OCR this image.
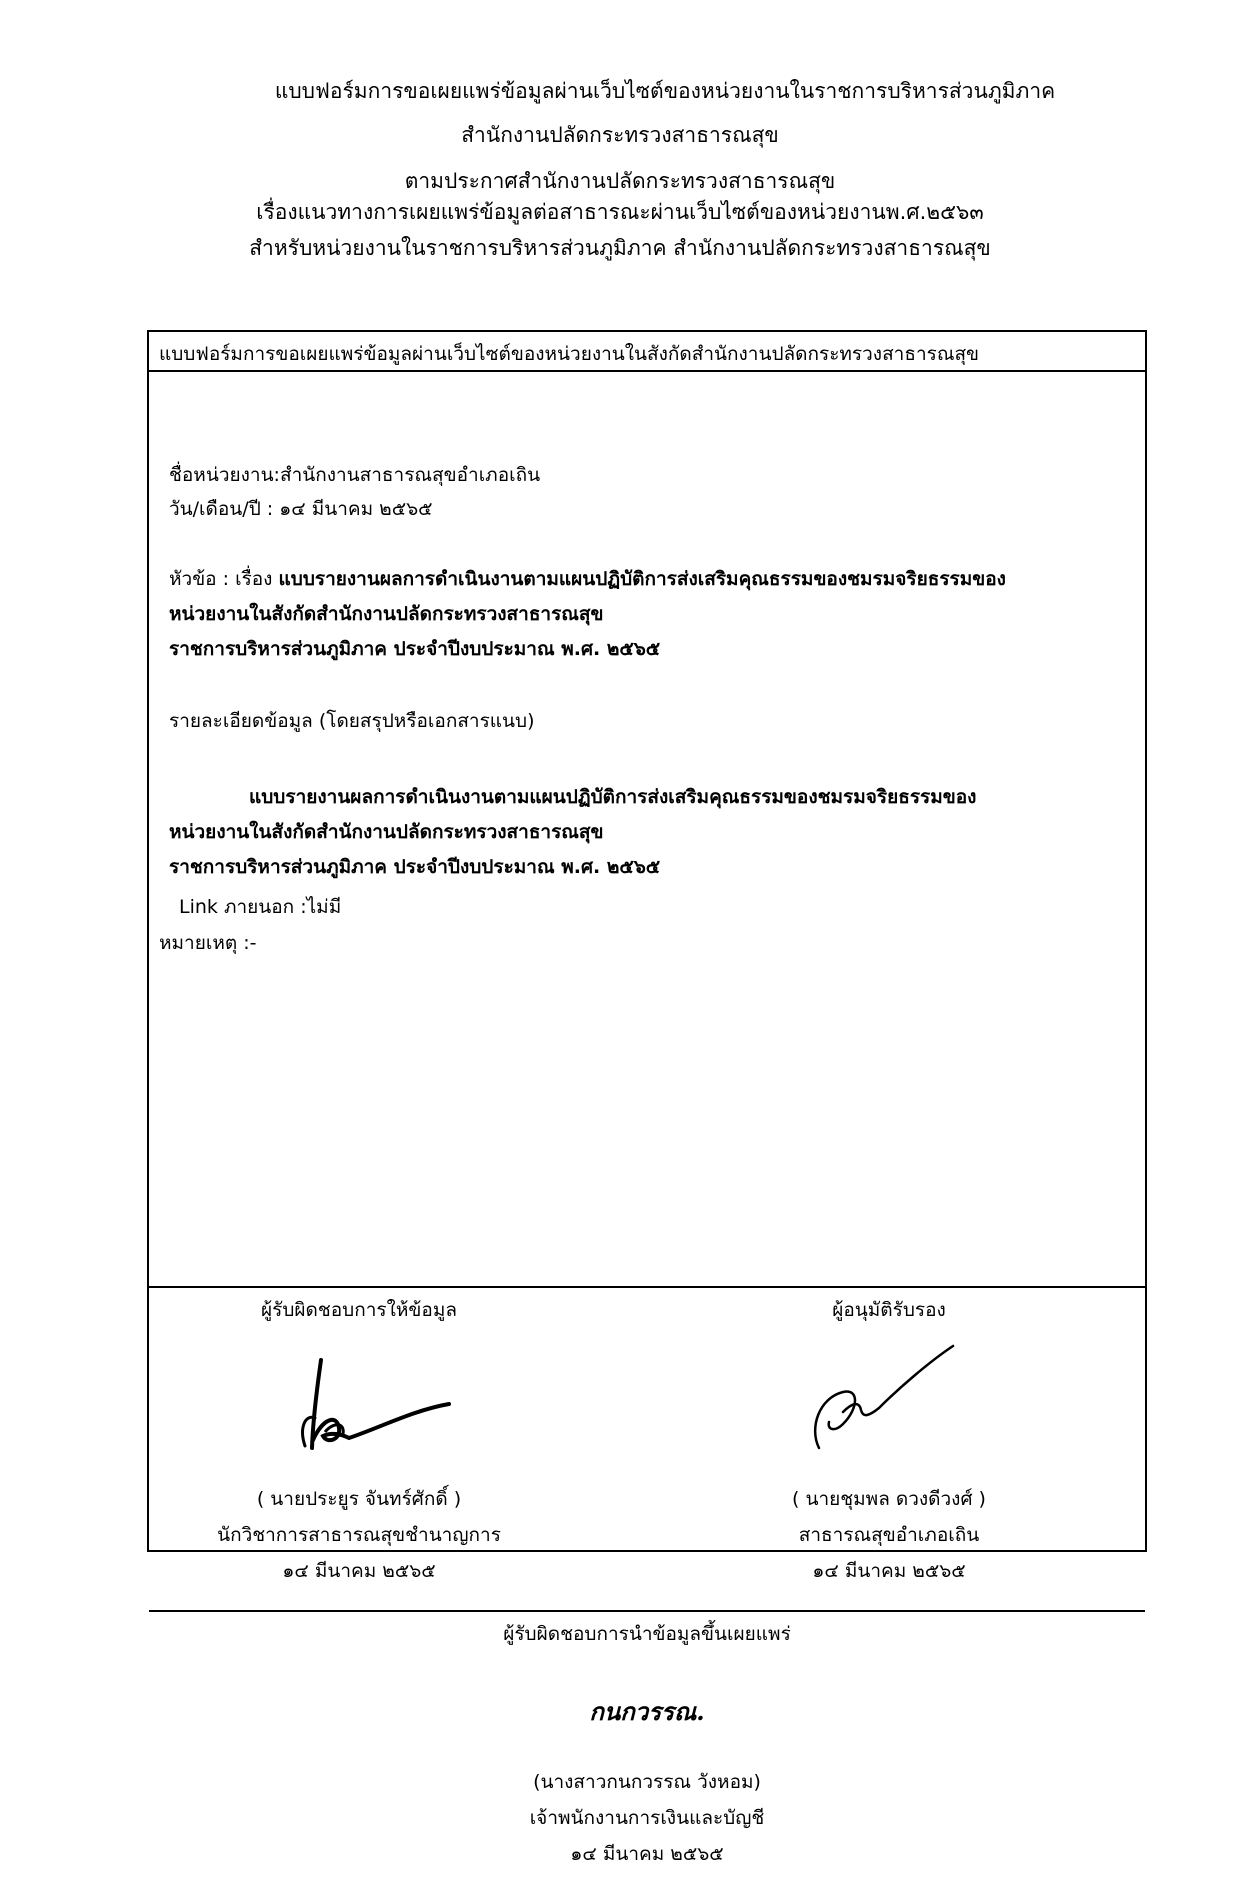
แบบฟอร์มการขอเผยแพร่ข้อมูลผ่านเว็บไซต์ของหน่วยงานในราชการบริหารส่วนภูมิภาค
สำนักงานปลัดกระทรวงสาธารณสุข
ตามประกาศสำนักงานปลัดกระทรวงสาธารณสุข
เรื่องแนวทางการเผยแพร่ข้อมูลต่อสาธารณะผ่านเว็บไซต์ของหน่วยงานพ.ศ.๒๕๖๓
สำหรับหน่วยงานในราชการบริหารส่วนภูมิภาค สำนักงานปลัดกระทรวงสาธารณสุข
แบบฟอร์มการขอเผยแพร่ข้อมูลผ่านเว็บไซต์ของหน่วยงานในสังกัดสำนักงานปลัดกระทรวงสาธารณสุข
ชื่อหน่วยงาน:สำนักงานสาธารณสุขอำเภอเถิน
วัน/เดือน/ปี : ๑๔ มีนาคม ๒๕๖๕
หัวข้อ : เรื่อง แบบรายงานผลการดำเนินงานตามแผนปฏิบัติการส่งเสริมคุณธรรมของชมรมจริยธรรมของ
หน่วยงานในสังกัดสำนักงานปลัดกระทรวงสาธารณสุข
ราชการบริหารส่วนภูมิภาค ประจำปีงบประมาณ พ.ศ. ๒๕๖๕
รายละเอียดข้อมูล (โดยสรุปหรือเอกสารแนบ)
แบบรายงานผลการดำเนินงานตามแผนปฏิบัติการส่งเสริมคุณธรรมของชมรมจริยธรรมของ
หน่วยงานในสังกัดสำนักงานปลัดกระทรวงสาธารณสุข
ราชการบริหารส่วนภูมิภาค ประจำปีงบประมาณ พ.ศ. ๒๕๖๕
Link ภายนอก :ไม่มี
หมายเหตุ :-
ผู้รับผิดชอบการให้ข้อมูล
( นายประยูร จันทร์ศักดิ์ )
นักวิชาการสาธารณสุขชำนาญการ
๑๔ มีนาคม ๒๕๖๕
ผู้อนุมัติรับรอง
( นายชุมพล ดวงดีวงศ์ )
สาธารณสุขอำเภอเถิน
๑๔ มีนาคม ๒๕๖๕
ผู้รับผิดชอบการนำข้อมูลขึ้นเผยแพร่
กนกวรรณ.
(นางสาวกนกวรรณ วังหอม)
เจ้าพนักงานการเงินและบัญชี
๑๔ มีนาคม ๒๕๖๕
